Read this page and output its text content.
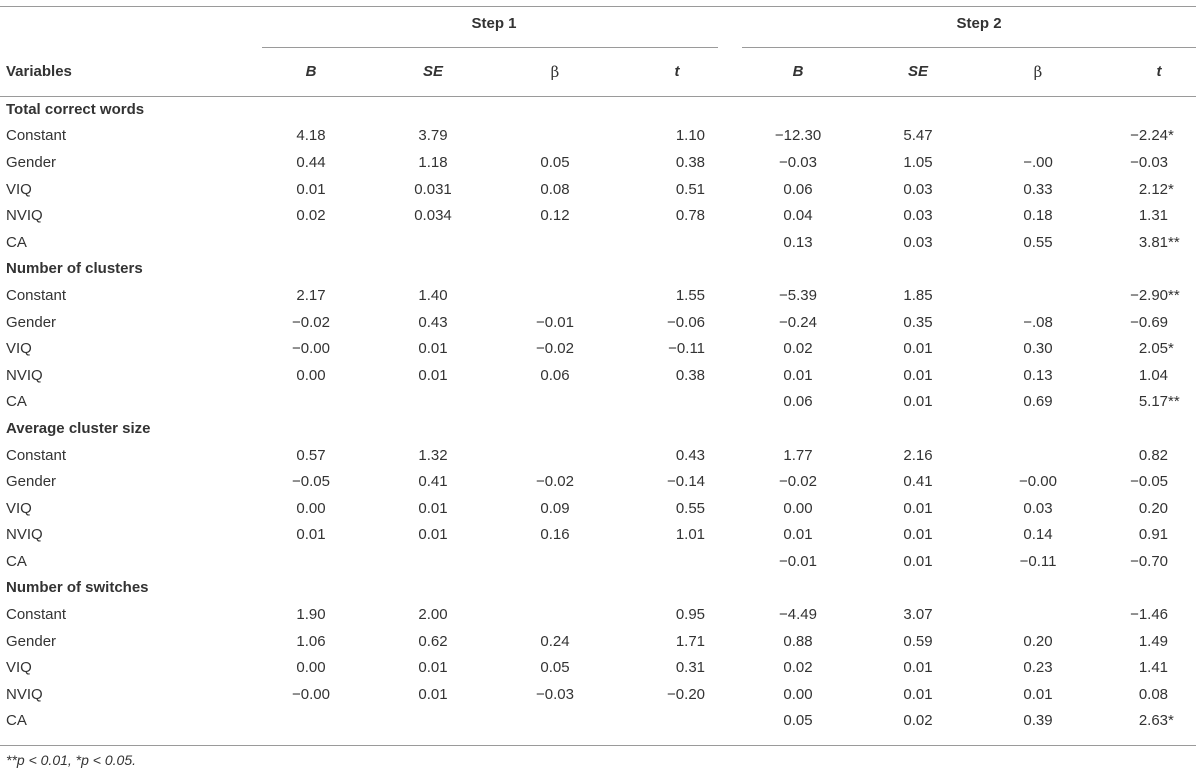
	Step 1				Step 2			
Variables	B	SE	β	t	B	SE	β	t
Total correct words								
Constant	4.18	3.79		1.10	−12.30	5.47		−2.24*
Gender	0.44	1.18	0.05	0.38	−0.03	1.05	−.00	−0.03
VIQ	0.01	0.031	0.08	0.51	0.06	0.03	0.33	2.12*
NVIQ	0.02	0.034	0.12	0.78	0.04	0.03	0.18	1.31
CA					0.13	0.03	0.55	3.81**
Number of clusters								
Constant	2.17	1.40		1.55	−5.39	1.85		−2.90**
Gender	−0.02	0.43	−0.01	−0.06	−0.24	0.35	−.08	−0.69
VIQ	−0.00	0.01	−0.02	−0.11	0.02	0.01	0.30	2.05*
NVIQ	0.00	0.01	0.06	0.38	0.01	0.01	0.13	1.04
CA					0.06	0.01	0.69	5.17**
Average cluster size								
Constant	0.57	1.32		0.43	1.77	2.16		0.82
Gender	−0.05	0.41	−0.02	−0.14	−0.02	0.41	−0.00	−0.05
VIQ	0.00	0.01	0.09	0.55	0.00	0.01	0.03	0.20
NVIQ	0.01	0.01	0.16	1.01	0.01	0.01	0.14	0.91
CA					−0.01	0.01	−0.11	−0.70
Number of switches								
Constant	1.90	2.00		0.95	−4.49	3.07		−1.46
Gender	1.06	0.62	0.24	1.71	0.88	0.59	0.20	1.49
VIQ	0.00	0.01	0.05	0.31	0.02	0.01	0.23	1.41
NVIQ	−0.00	0.01	−0.03	−0.20	0.00	0.01	0.01	0.08
CA					0.05	0.02	0.39	2.63*
**p < 0.01, *p < 0.05.
